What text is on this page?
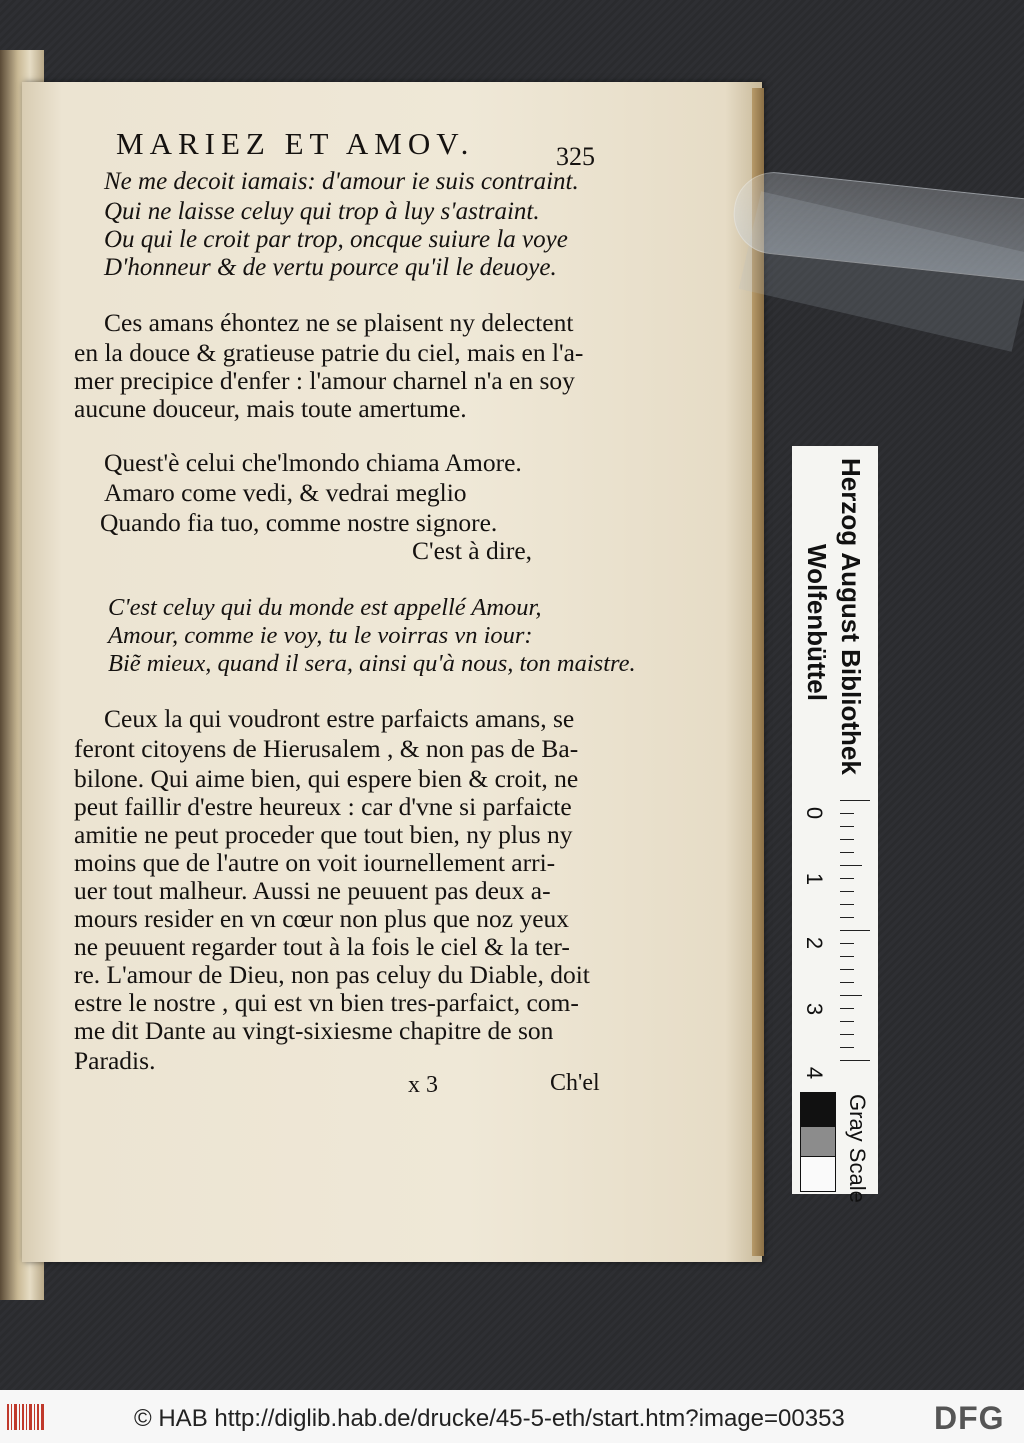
MARIEZ ET AMOV.	325
Ne me decoit iamais: d'amour ie suis contraint.
Qui ne laisse celuy qui trop à luy s'astraint.
Ou qui le croit par trop, oncque suiure la voye
D'honneur & de vertu pource qu'il le deuoye.
Ces amans éhontez ne se plaisent ny delectent
en la douce & gratieuse patrie du ciel, mais en l'a-
mer precipice d'enfer : l'amour charnel n'a en soy
aucune douceur, mais toute amertume.
Quest'è celui che'lmondo chiama Amore.
Amaro come vedi, & vedrai meglio
Quando fia tuo, comme nostre signore.
C'est à dire,
C'est celuy qui du monde est appellé Amour,
Amour, comme ie voy, tu le voirras vn iour:
Biẽ mieux, quand il sera, ainsi qu'à nous, ton maistre.
Ceux la qui voudront estre parfaicts amans, se
feront citoyens de Hierusalem , & non pas de Ba-
bilone. Qui aime bien, qui espere bien & croit, ne
peut faillir d'estre heureux : car d'vne si parfaicte
amitie ne peut proceder que tout bien, ny plus ny
moins que de l'autre on voit iournellement arri-
uer tout malheur. Aussi ne peuuent pas deux a-
mours resider en vn cœur non plus que noz yeux
ne peuuent regarder tout à la fois le ciel & la ter-
re. L'amour de Dieu, non pas celuy du Diable, doit
estre le nostre , qui est vn bien tres-parfaict, com-
me dit Dante au vingt-sixiesme chapitre de son
Paradis.
x 3	Ch'el
Herzog August Bibliothek
Wolfenbüttel
0
1
2
3
4
Gray Scale
© HAB http://diglib.hab.de/drucke/45-5-eth/start.htm?image=00353	DFG
